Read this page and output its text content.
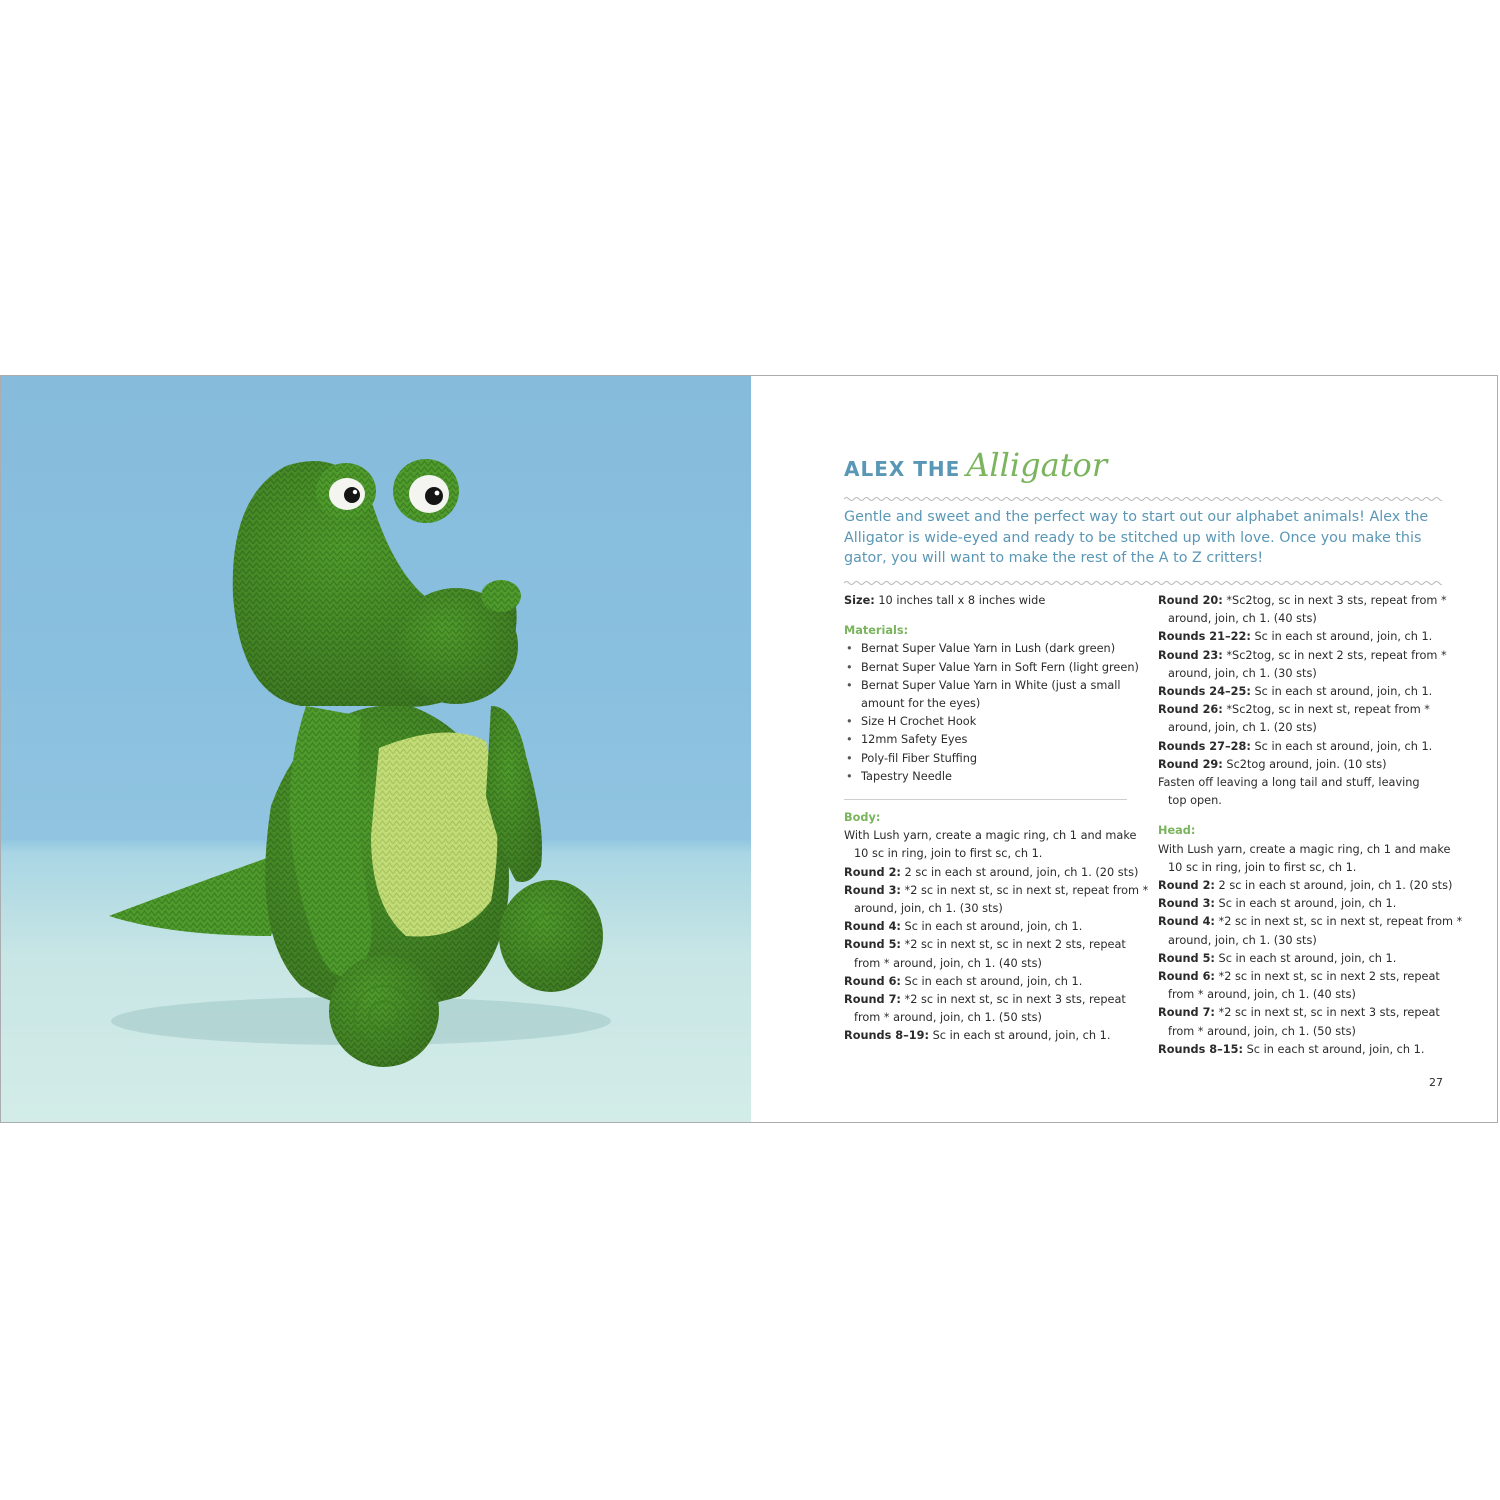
ALEX THE Alligator
Gentle and sweet and the perfect way to start out our alphabet animals! Alex the Alligator is wide-eyed and ready to be stitched up with love. Once you make this gator, you will want to make the rest of the A to Z critters!
Size: 10 inches tall x 8 inches wide
Materials:
• Bernat Super Value Yarn in Lush (dark green)
• Bernat Super Value Yarn in Soft Fern (light green)
• Bernat Super Value Yarn in White (just a small
amount for the eyes)
• Size H Crochet Hook
• 12mm Safety Eyes
• Poly-fil Fiber Stuffing
• Tapestry Needle
Body:
With Lush yarn, create a magic ring, ch 1 and make
10 sc in ring, join to first sc, ch 1.
Round 2: 2 sc in each st around, join, ch 1. (20 sts)
Round 3: *2 sc in next st, sc in next st, repeat from *
around, join, ch 1. (30 sts)
Round 4: Sc in each st around, join, ch 1.
Round 5: *2 sc in next st, sc in next 2 sts, repeat
from * around, join, ch 1. (40 sts)
Round 6: Sc in each st around, join, ch 1.
Round 7: *2 sc in next st, sc in next 3 sts, repeat
from * around, join, ch 1. (50 sts)
Rounds 8–19: Sc in each st around, join, ch 1.
Round 20: *Sc2tog, sc in next 3 sts, repeat from *
around, join, ch 1. (40 sts)
Rounds 21–22: Sc in each st around, join, ch 1.
Round 23: *Sc2tog, sc in next 2 sts, repeat from *
around, join, ch 1. (30 sts)
Rounds 24–25: Sc in each st around, join, ch 1.
Round 26: *Sc2tog, sc in next st, repeat from *
around, join, ch 1. (20 sts)
Rounds 27–28: Sc in each st around, join, ch 1.
Round 29: Sc2tog around, join. (10 sts)
Fasten off leaving a long tail and stuff, leaving
top open.
Head:
With Lush yarn, create a magic ring, ch 1 and make
10 sc in ring, join to first sc, ch 1.
Round 2: 2 sc in each st around, join, ch 1. (20 sts)
Round 3: Sc in each st around, join, ch 1.
Round 4: *2 sc in next st, sc in next st, repeat from *
around, join, ch 1. (30 sts)
Round 5: Sc in each st around, join, ch 1.
Round 6: *2 sc in next st, sc in next 2 sts, repeat
from * around, join, ch 1. (40 sts)
Round 7: *2 sc in next st, sc in next 3 sts, repeat
from * around, join, ch 1. (50 sts)
Rounds 8–15: Sc in each st around, join, ch 1.
27
